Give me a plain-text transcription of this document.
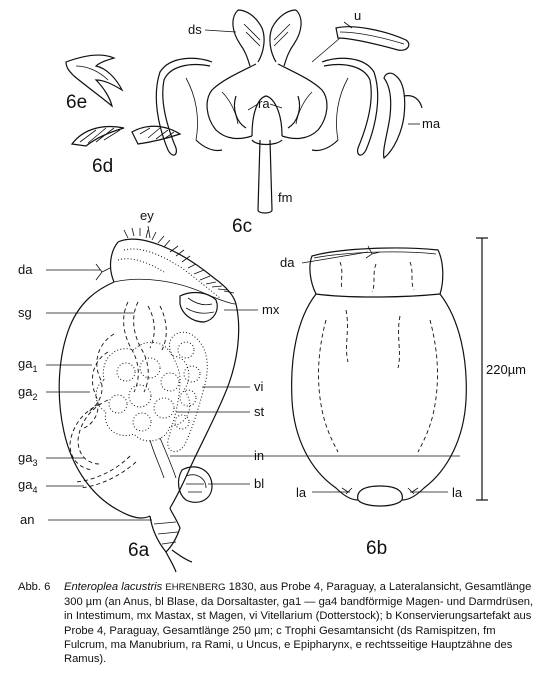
ds
u
ra
ma
fm
6c
6e
6d
ey
da
sg	mx
$ga_1$
$ga_2$
vi
st
$ga_3$	in
$ga_4$	bl
an
6a
da
la	la
220µm
6b
Abb. 6 Enteroplea lacustris EHRENBERG 1830, aus Probe 4, Paraguay, a Lateralansicht, Gesamtlänge 300 µm (an Anus, bl Blase, da Dorsaltaster, ga1 — ga4 bandförmige Magen- und Darmdrüsen, in Intestimum, mx Mastax, st Magen, vi Vitellarium (Dotterstock); b Konservierungsartefakt aus Probe 4, Paraguay, Gesamtlänge 250 µm; c Trophi Gesamtansicht (ds Ramispitzen, fm Fulcrum, ma Manubrium, ra Rami, u Uncus, e Epipharynx, e rechtsseitige Hauptzähne des Ramus).
